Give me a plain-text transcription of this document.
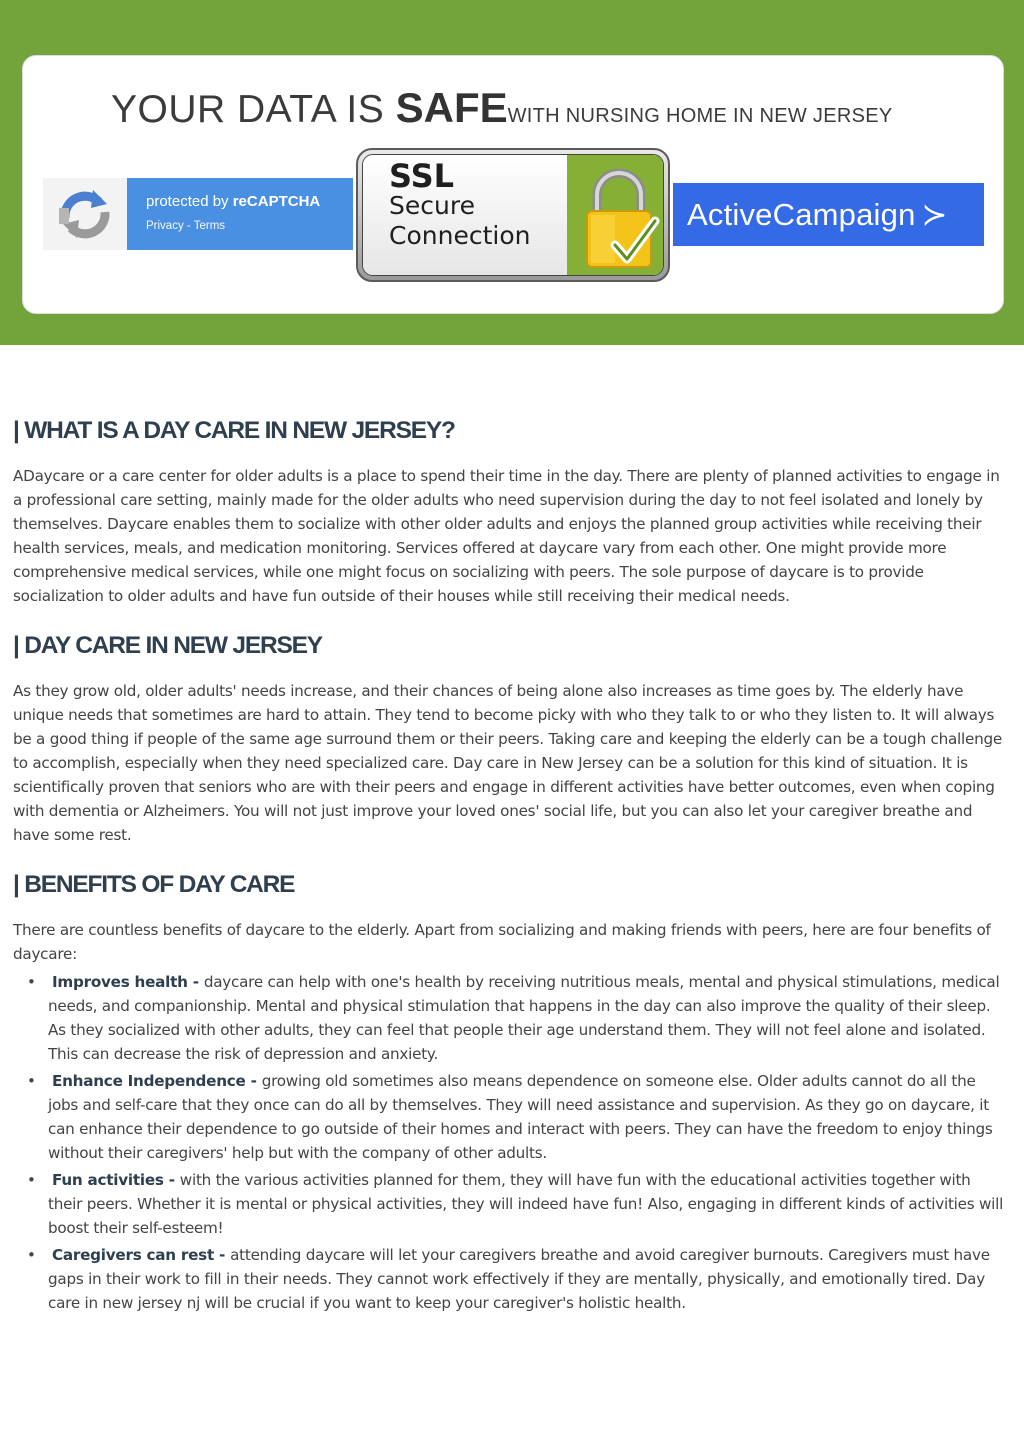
YOUR DATA IS SAFEWITH NURSING HOME IN NEW JERSEY
protected by reCAPTCHA
Privacy - Terms
SSL
Secure
Connection
ActiveCampaign ≻
| WHAT IS A DAY CARE IN NEW JERSEY?

ADaycare or a care center for older adults is a place to spend their time in the day. There are plenty of planned activities to engage in a professional care setting, mainly made for the older adults who need supervision during the day to not feel isolated and lonely by themselves. Daycare enables them to socialize with other older adults and enjoys the planned group activities while receiving their health services, meals, and medication monitoring. Services offered at daycare vary from each other. One might provide more comprehensive medical services, while one might focus on socializing with peers. The sole purpose of daycare is to provide socialization to older adults and have fun outside of their houses while still receiving their medical needs.

| DAY CARE IN NEW JERSEY

As they grow old, older adults' needs increase, and their chances of being alone also increases as time goes by. The elderly have unique needs that sometimes are hard to attain. They tend to become picky with who they talk to or who they listen to. It will always be a good thing if people of the same age surround them or their peers. Taking care and keeping the elderly can be a tough challenge to accomplish, especially when they need specialized care. Day care in New Jersey can be a solution for this kind of situation. It is scientifically proven that seniors who are with their peers and engage in different activities have better outcomes, even when coping with dementia or Alzheimers. You will not just improve your loved ones' social life, but you can also let your caregiver breathe and have some rest.

| BENEFITS OF DAY CARE

There are countless benefits of daycare to the elderly. Apart from socializing and making friends with peers, here are four benefits of daycare:

• Improves health - daycare can help with one's health by receiving nutritious meals, mental and physical stimulations, medical needs, and companionship. Mental and physical stimulation that happens in the day can also improve the quality of their sleep. As they socialized with other adults, they can feel that people their age understand them. They will not feel alone and isolated. This can decrease the risk of depression and anxiety.
• Enhance Independence - growing old sometimes also means dependence on someone else. Older adults cannot do all the jobs and self-care that they once can do all by themselves. They will need assistance and supervision. As they go on daycare, it can enhance their dependence to go outside of their homes and interact with peers. They can have the freedom to enjoy things without their caregivers' help but with the company of other adults.
• Fun activities - with the various activities planned for them, they will have fun with the educational activities together with their peers. Whether it is mental or physical activities, they will indeed have fun! Also, engaging in different kinds of activities will boost their self-esteem!
• Caregivers can rest - attending daycare will let your caregivers breathe and avoid caregiver burnouts. Caregivers must have gaps in their work to fill in their needs. They cannot work effectively if they are mentally, physically, and emotionally tired. Day care in new jersey nj will be crucial if you want to keep your caregiver's holistic health.
